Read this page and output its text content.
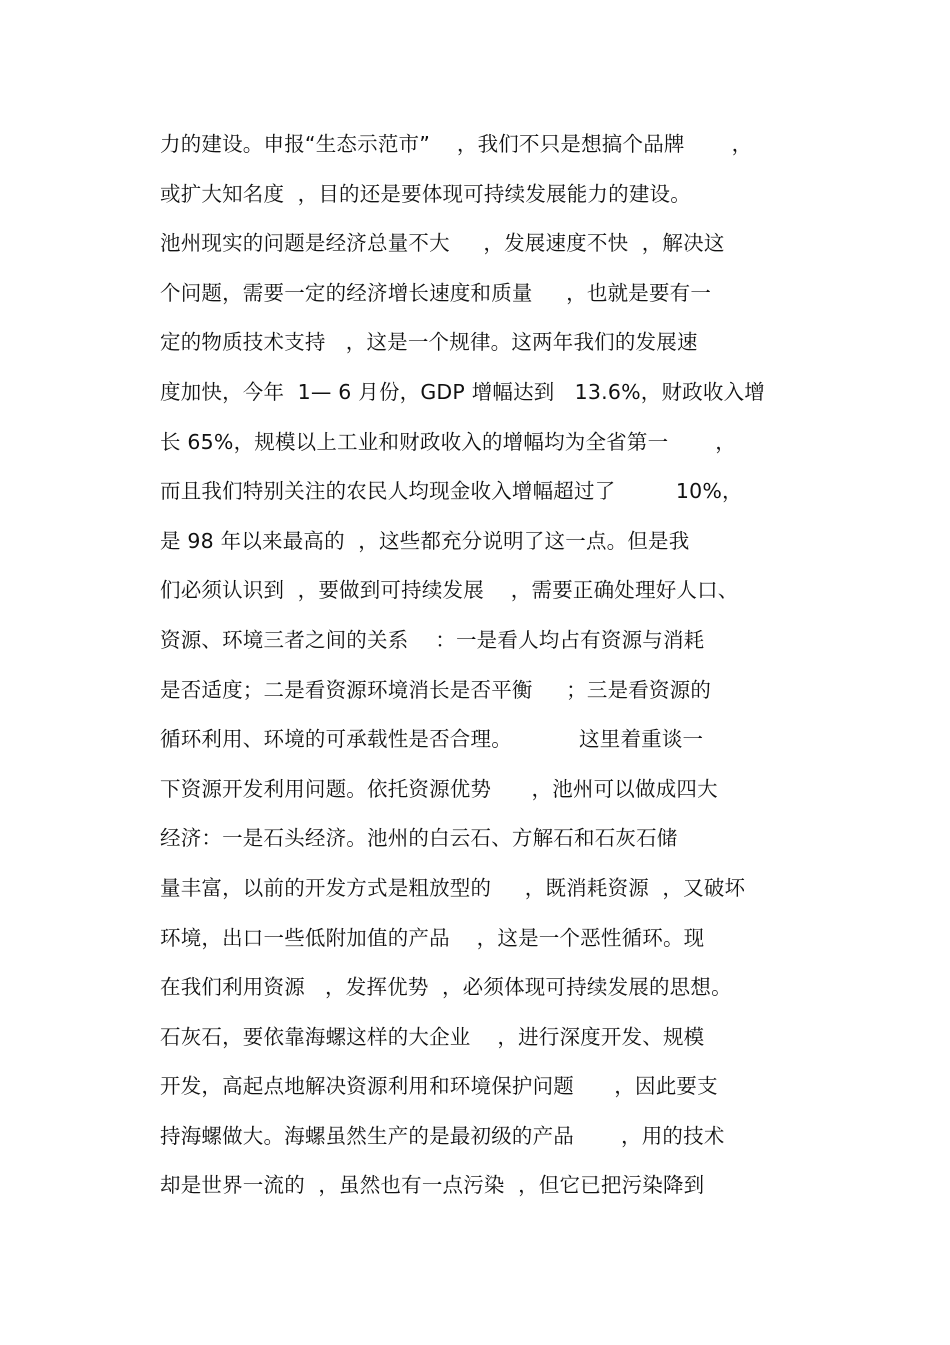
力的建设。申报“生态示范市”    ，我们不只是想搞个品牌       ，
或扩大知名度  ，目的还是要体现可持续发展能力的建设。
池州现实的问题是经济总量不大     ，发展速度不快  ，解决这
个问题，需要一定的经济增长速度和质量     ，也就是要有一
定的物质技术支持   ，这是一个规律。这两年我们的发展速
度加快，今年  1— 6 月份，GDP 增幅达到   13.6%，财政收入增
长 65%，规模以上工业和财政收入的增幅均为全省第一       ，
而且我们特别关注的农民人均现金收入增幅超过了         10%，
是 98 年以来最高的  ，这些都充分说明了这一点。但是我
们必须认识到  ，要做到可持续发展    ，需要正确处理好人口、
资源、环境三者之间的关系    ：一是看人均占有资源与消耗
是否适度；二是看资源环境消长是否平衡     ；三是看资源的
循环利用、环境的可承载性是否合理。          这里着重谈一
下资源开发利用问题。依托资源优势      ，池州可以做成四大
经济：一是石头经济。池州的白云石、方解石和石灰石储
量丰富，以前的开发方式是粗放型的     ，既消耗资源  ，又破坏
环境，出口一些低附加值的产品    ，这是一个恶性循环。现
在我们利用资源   ，发挥优势  ，必须体现可持续发展的思想。
石灰石，要依靠海螺这样的大企业    ，进行深度开发、规模
开发，高起点地解决资源利用和环境保护问题      ，因此要支
持海螺做大。海螺虽然生产的是最初级的产品       ，用的技术
却是世界一流的  ，虽然也有一点污染  ，但它已把污染降到
